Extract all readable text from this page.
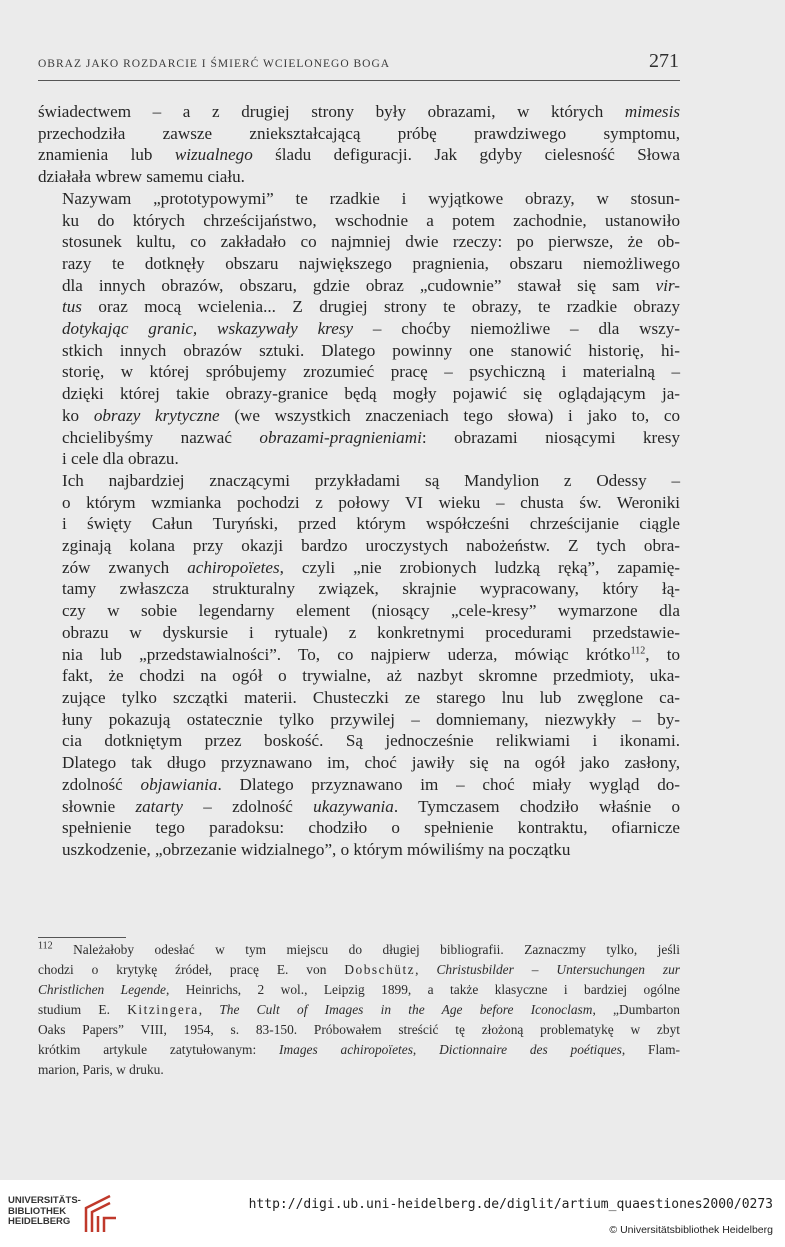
OBRAZ JAKO ROZDARCIE I ŚMIERĆ WCIELONEGO BOGA	271

świadectwem – a z drugiej strony były obrazami, w których mimesis
przechodziła zawsze zniekształcającą próbę prawdziwego symptomu,
znamienia lub wizualnego śladu defiguracji. Jak gdyby cielesność Słowa
działała wbrew samemu ciału.

Nazywam „prototypowymi” te rzadkie i wyjątkowe obrazy, w stosun-
ku do których chrześcijaństwo, wschodnie a potem zachodnie, ustanowiło
stosunek kultu, co zakładało co najmniej dwie rzeczy: po pierwsze, że ob-
razy te dotknęły obszaru największego pragnienia, obszaru niemożliwego
dla innych obrazów, obszaru, gdzie obraz „cudownie” stawał się sam vir-
tus oraz mocą wcielenia... Z drugiej strony te obrazy, te rzadkie obrazy
dotykając granic, wskazywały kresy – choćby niemożliwe – dla wszy-
stkich innych obrazów sztuki. Dlatego powinny one stanowić historię, hi-
storię, w której spróbujemy zrozumieć pracę – psychiczną i materialną –
dzięki której takie obrazy-granice będą mogły pojawić się oglądającym ja-
ko obrazy krytyczne (we wszystkich znaczeniach tego słowa) i jako to, co
chcielibyśmy nazwać obrazami-pragnieniami: obrazami niosącymi kresy
i cele dla obrazu.

Ich najbardziej znaczącymi przykładami są Mandylion z Odessy –
o którym wzmianka pochodzi z połowy VI wieku – chusta św. Weroniki
i święty Całun Turyński, przed którym współcześni chrześcijanie ciągle
zginają kolana przy okazji bardzo uroczystych nabożeństw. Z tych obra-
zów zwanych achiropoïetes, czyli „nie zrobionych ludzką ręką”, zapamię-
tamy zwłaszcza strukturalny związek, skrajnie wypracowany, który łą-
czy w sobie legendarny element (niosący „cele-kresy” wymarzone dla
obrazu w dyskursie i rytuale) z konkretnymi procedurami przedstawie-
nia lub „przedstawialności”. To, co najpierw uderza, mówiąc krótko$^{112}$, to
fakt, że chodzi na ogół o trywialne, aż nazbyt skromne przedmioty, uka-
zujące tylko szczątki materii. Chusteczki ze starego lnu lub zwęglone ca-
łuny pokazują ostatecznie tylko przywilej – domniemany, niezwykły – by-
cia dotkniętym przez boskość. Są jednocześnie relikwiami i ikonami.
Dlatego tak długo przyznawano im, choć jawiły się na ogół jako zasłony,
zdolność objawiania. Dlatego przyznawano im – choć miały wygląd do-
słownie zatarty – zdolność ukazywania. Tymczasem chodziło właśnie o
spełnienie tego paradoksu: chodziło o spełnienie kontraktu, ofiarnicze
uszkodzenie, „obrzezanie widzialnego”, o którym mówiliśmy na początku

$^{112}$ Należałoby odesłać w tym miejscu do długiej bibliografii. Zaznaczmy tylko, jeśli
chodzi o krytykę źródeł, pracę E. von Dobschütz, Christusbilder – Untersuchungen zur
Christlichen Legende, Heinrichs, 2 wol., Leipzig 1899, a także klasyczne i bardziej ogólne
studium E. Kitzingera, The Cult of Images in the Age before Iconoclasm, „Dumbarton
Oaks Papers” VIII, 1954, s. 83-150. Próbowałem streścić tę złożoną problematykę w zbyt
krótkim artykule zatytułowanym: Images achiropoïetes, Dictionnaire des poétiques, Flam-
marion, Paris, w druku.
UNIVERSITÄTS-
BIBLIOTHEK
HEIDELBERG
http://digi.ub.uni-heidelberg.de/diglit/artium_quaestiones2000/0273
© Universitätsbibliothek Heidelberg
